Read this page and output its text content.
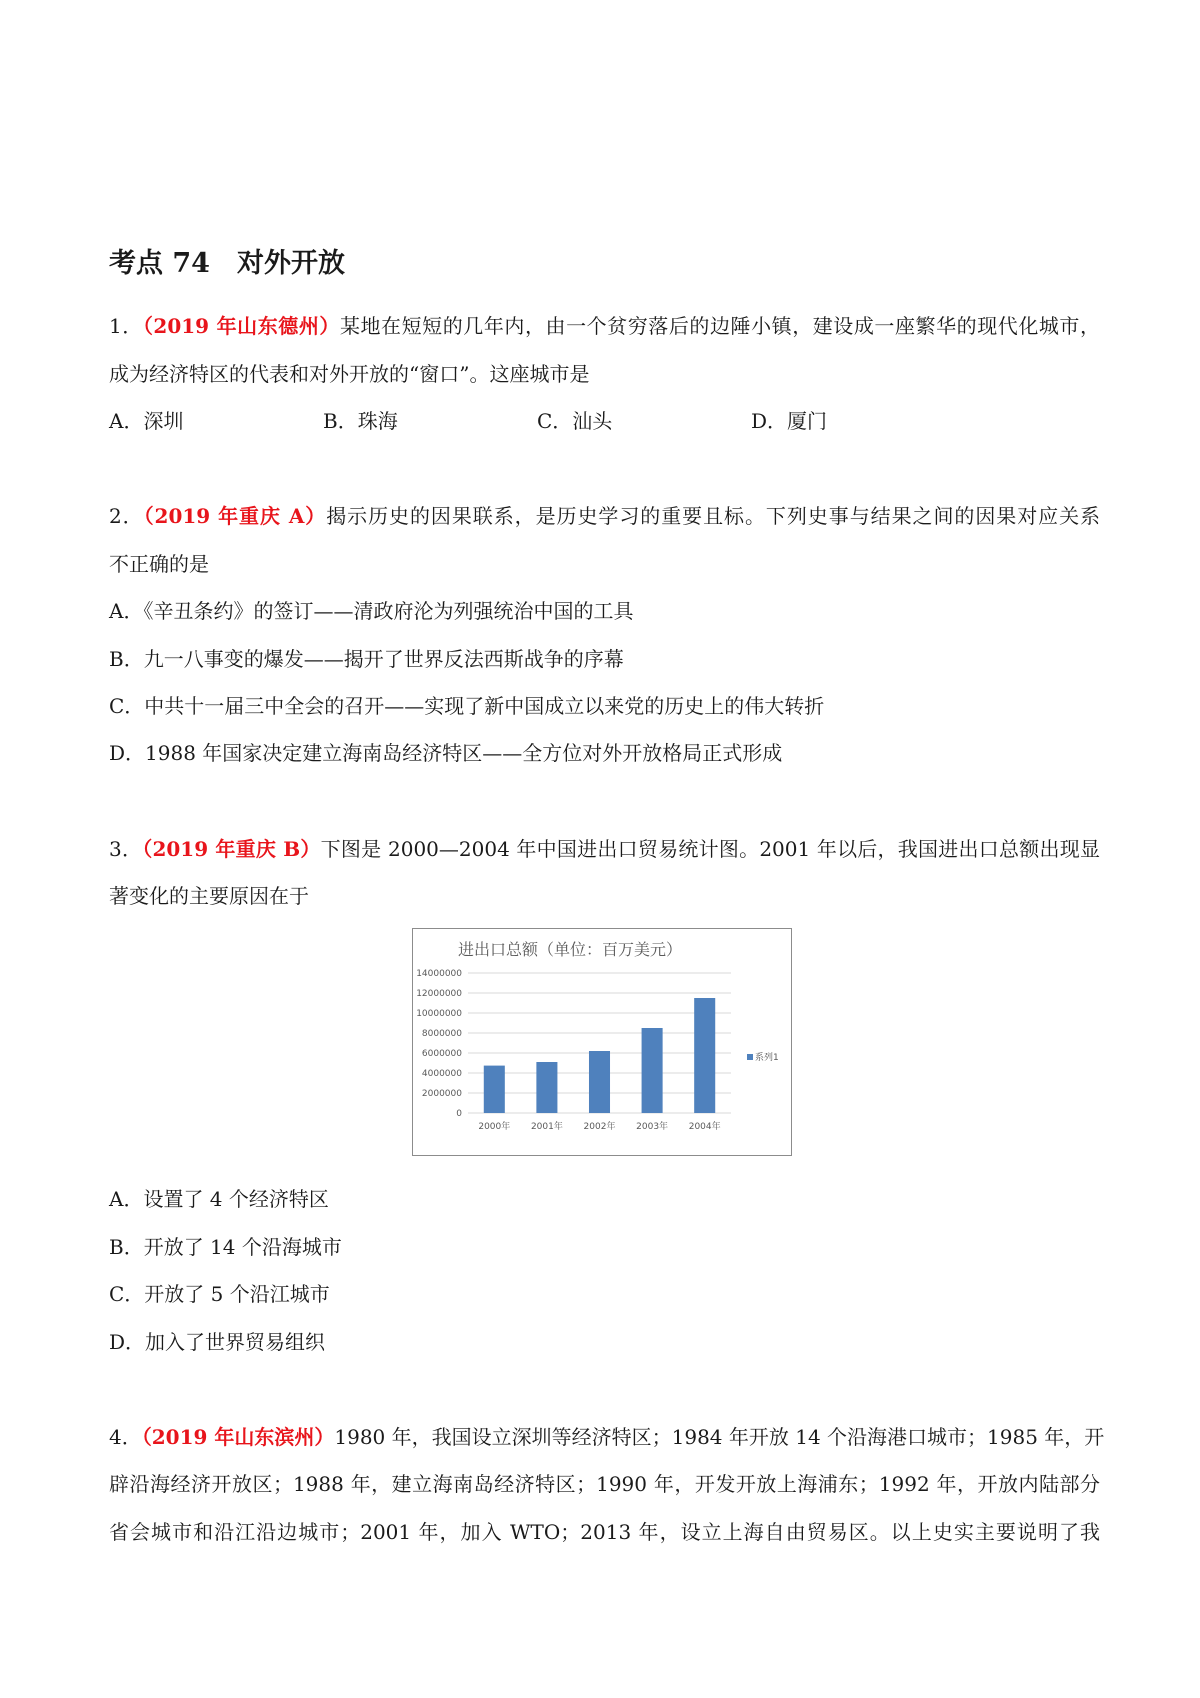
考点 74　对外开放
1．（2019 年山东德州）某地在短短的几年内，由一个贫穷落后的边陲小镇，建设成一座繁华的现代化城市，
成为经济特区的代表和对外开放的“窗口”。这座城市是
A．深圳	B．珠海	C．汕头	D．厦门
2．（2019 年重庆 A）揭示历史的因果联系，是历史学习的重要且标。下列史事与结果之间的因果对应关系
不正确的是
A．《辛丑条约》的签订——清政府沦为列强统治中国的工具
B．九一八事变的爆发——揭开了世界反法西斯战争的序幕
C．中共十一届三中全会的召开——实现了新中国成立以来党的历史上的伟大转折
D．1988 年国家决定建立海南岛经济特区——全方位对外开放格局正式形成
3．（2019 年重庆 B）下图是 2000—2004 年中国进出口贸易统计图。2001 年以后，我国进出口总额出现显
著变化的主要原因在于
进出口总额（单位：百万美元）
0
2000000
4000000
6000000
8000000
10000000
12000000
14000000
2000年 2001年 2002年 2003年 2004年
系列1
A．设置了 4 个经济特区
B．开放了 14 个沿海城市
C．开放了 5 个沿江城市
D．加入了世界贸易组织
4．（2019 年山东滨州）1980 年，我国设立深圳等经济特区；1984 年开放 14 个沿海港口城市；1985 年，开
辟沿海经济开放区；1988 年，建立海南岛经济特区；1990 年，开发开放上海浦东；1992 年，开放内陆部分
省会城市和沿江沿边城市；2001 年，加入 WTO；2013 年，设立上海自由贸易区。以上史实主要说明了我
